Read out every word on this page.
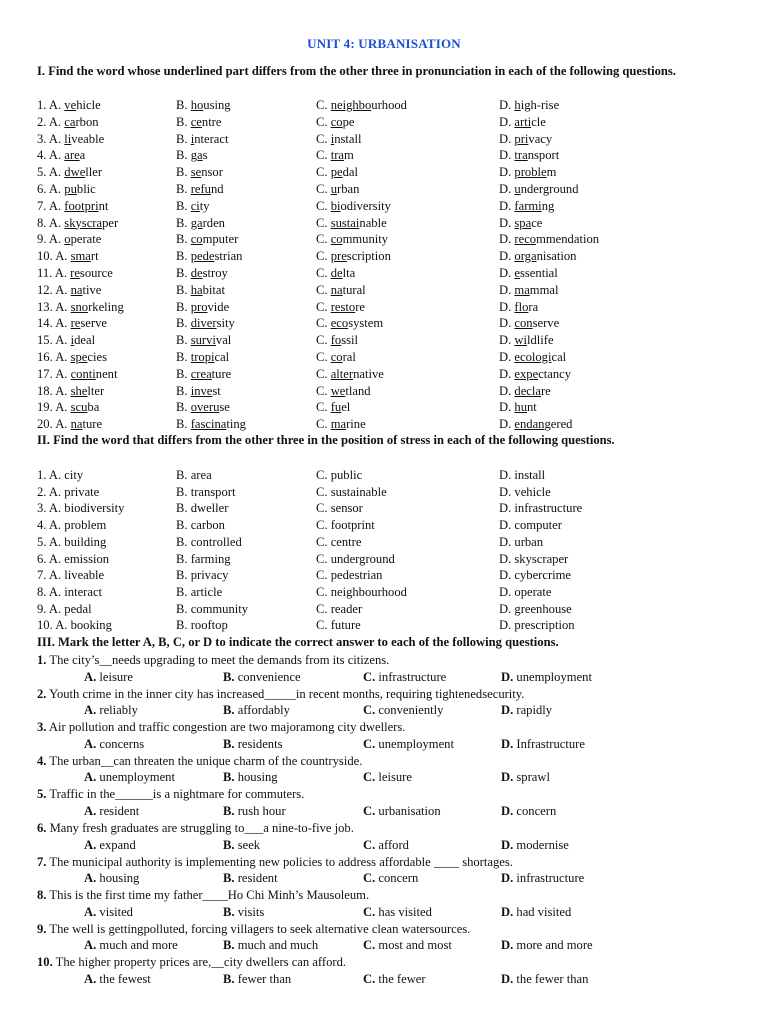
UNIT 4: URBANISATION
I. Find the word whose underlined part differs from the other three in pronunciation in each of the following questions.
1. A. vehicle	B. housing	C. neighbourhood	D. high-rise
2. A. carbon	B. centre	C. cope	D. article
3. A. liveable	B. interact	C. install	D. privacy
4. A. area	B. gas	C. tram	D. transport
5. A. dweller	B. sensor	C. pedal	D. problem
6. A. public	B. refund	C. urban	D. underground
7. A. footprint	B. city	C. biodiversity	D. farming
8. A. skyscraper	B. garden	C. sustainable	D. space
9. A. operate	B. computer	C. community	D. recommendation
10. A. smart	B. pedestrian	C. prescription	D. organisation
11. A. resource	B. destroy	C. delta	D. essential
12. A. native	B. habitat	C. natural	D. mammal
13. A. snorkeling	B. provide	C. restore	D. flora
14. A. reserve	B. diversity	C. ecosystem	D. conserve
15. A. ideal	B. survival	C. fossil	D. wildlife
16. A. species	B. tropical	C. coral	D. ecological
17. A. continent	B. creature	C. alternative	D. expectancy
18. A. shelter	B. invest	C. wetland	D. declare
19. A. scuba	B. overuse	C. fuel	D. hunt
20. A. nature	B. fascinating	C. marine	D. endangered
II. Find the word that differs from the other three in the position of stress in each of the following questions.
1. A. city	B. area	C. public	D. install
2. A. private	B. transport	C. sustainable	D. vehicle
3. A. biodiversity	B. dweller	C. sensor	D. infrastructure
4. A. problem	B. carbon	C. footprint	D. computer
5. A. building	B. controlled	C. centre	D. urban
6. A. emission	B. farming	C. underground	D. skyscraper
7. A. liveable	B. privacy	C. pedestrian	D. cybercrime
8. A. interact	B. article	C. neighbourhood	D. operate
9. A. pedal	B. community	C. reader	D. greenhouse
10. A. booking	B. rooftop	C. future	D. prescription
III. Mark the letter A, B, C, or D to indicate the correct answer to each of the following questions.
1. The city’s__needs upgrading to meet the demands from its citizens.
A. leisure	B. convenience	C. infrastructure	D. unemployment
2. Youth crime in the inner city has increased_____in recent months, requiring tightenedsecurity.
A. reliably	B. affordably	C. conveniently	D. rapidly
3. Air pollution and traffic congestion are two majoramong city dwellers.
A. concerns	B. residents	C. unemployment	D. Infrastructure
4. The urban__can threaten the unique charm of the countryside.
A. unemployment	B. housing	C. leisure	D. sprawl
5. Traffic in the______is a nightmare for commuters.
A. resident	B. rush hour	C. urbanisation	D. concern
6. Many fresh graduates are struggling to___a nine-to-five job.
A. expand	B. seek	C. afford	D. modernise
7. The municipal authority is implementing new policies to address affordable ____ shortages.
A. housing	B. resident	C. concern	D. infrastructure
8. This is the first time my father____Ho Chi Minh’s Mausoleum.
A. visited	B. visits	C. has visited	D. had visited
9. The well is gettingpolluted, forcing villagers to seek alternative clean watersources.
A. much and more	B. much and much	C. most and most	D. more and more
10. The higher property prices are,__city dwellers can afford.
A. the fewest	B. fewer than	C. the fewer	D. the fewer than
